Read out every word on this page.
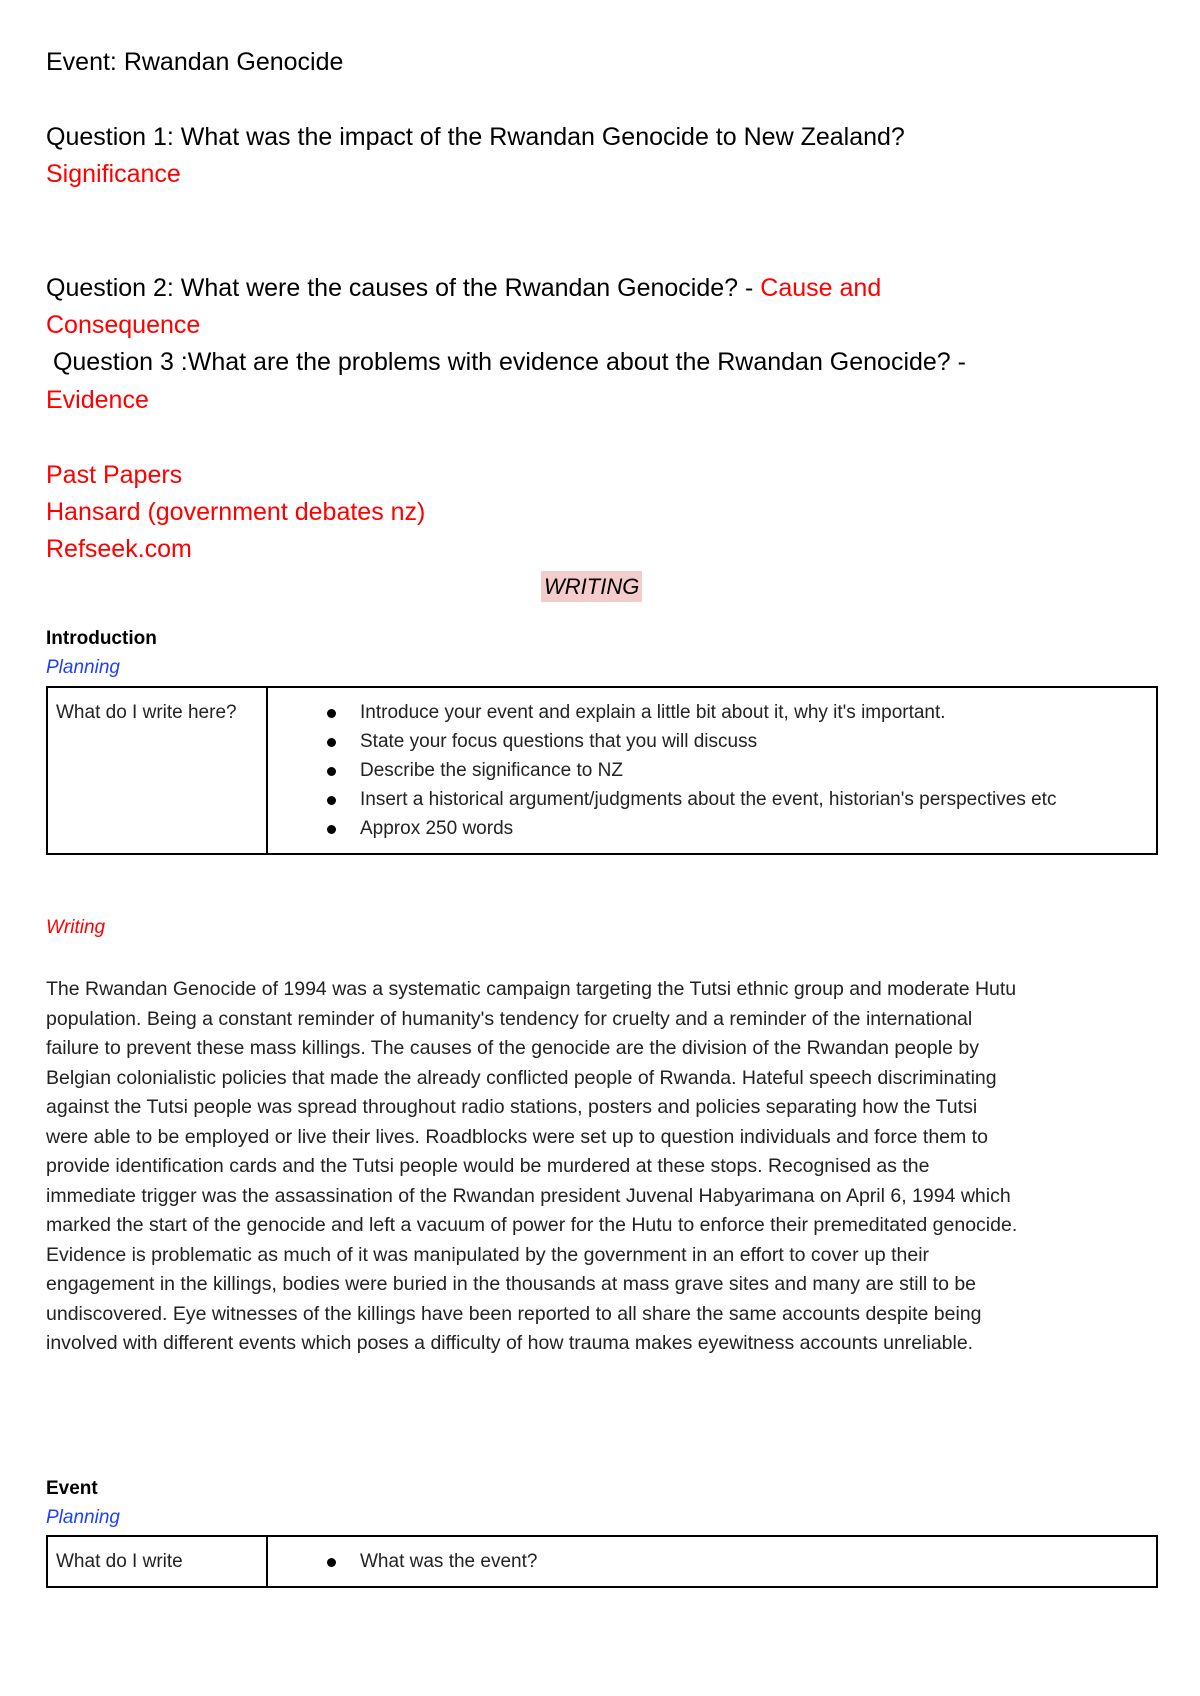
Event: Rwandan Genocide
Question 1: What was the impact of the Rwandan Genocide to New Zealand?
Significance
Question 2: What were the causes of the Rwandan Genocide? - Cause and
Consequence
Question 3 :What are the problems with evidence about the Rwandan Genocide? -
Evidence
Past Papers
Hansard (government debates nz)
Refseek.com
WRITING
Introduction
Planning
What do I write here?	Introduce your event and explain a little bit about it, why it's important.
State your focus questions that you will discuss
Describe the significance to NZ
Insert a historical argument/judgments about the event, historian's perspectives etc
Approx 250 words
Writing
The Rwandan Genocide of 1994 was a systematic campaign targeting the Tutsi ethnic group and moderate Hutu
population. Being a constant reminder of humanity's tendency for cruelty and a reminder of the international
failure to prevent these mass killings. The causes of the genocide are the division of the Rwandan people by
Belgian colonialistic policies that made the already conflicted people of Rwanda. Hateful speech discriminating
against the Tutsi people was spread throughout radio stations, posters and policies separating how the Tutsi
were able to be employed or live their lives. Roadblocks were set up to question individuals and force them to
provide identification cards and the Tutsi people would be murdered at these stops. Recognised as the
immediate trigger was the assassination of the Rwandan president Juvenal Habyarimana on April 6, 1994 which
marked the start of the genocide and left a vacuum of power for the Hutu to enforce their premeditated genocide.
Evidence is problematic as much of it was manipulated by the government in an effort to cover up their
engagement in the killings, bodies were buried in the thousands at mass grave sites and many are still to be
undiscovered. Eye witnesses of the killings have been reported to all share the same accounts despite being
involved with different events which poses a difficulty of how trauma makes eyewitness accounts unreliable.
Event
Planning
What do I write	What was the event?
